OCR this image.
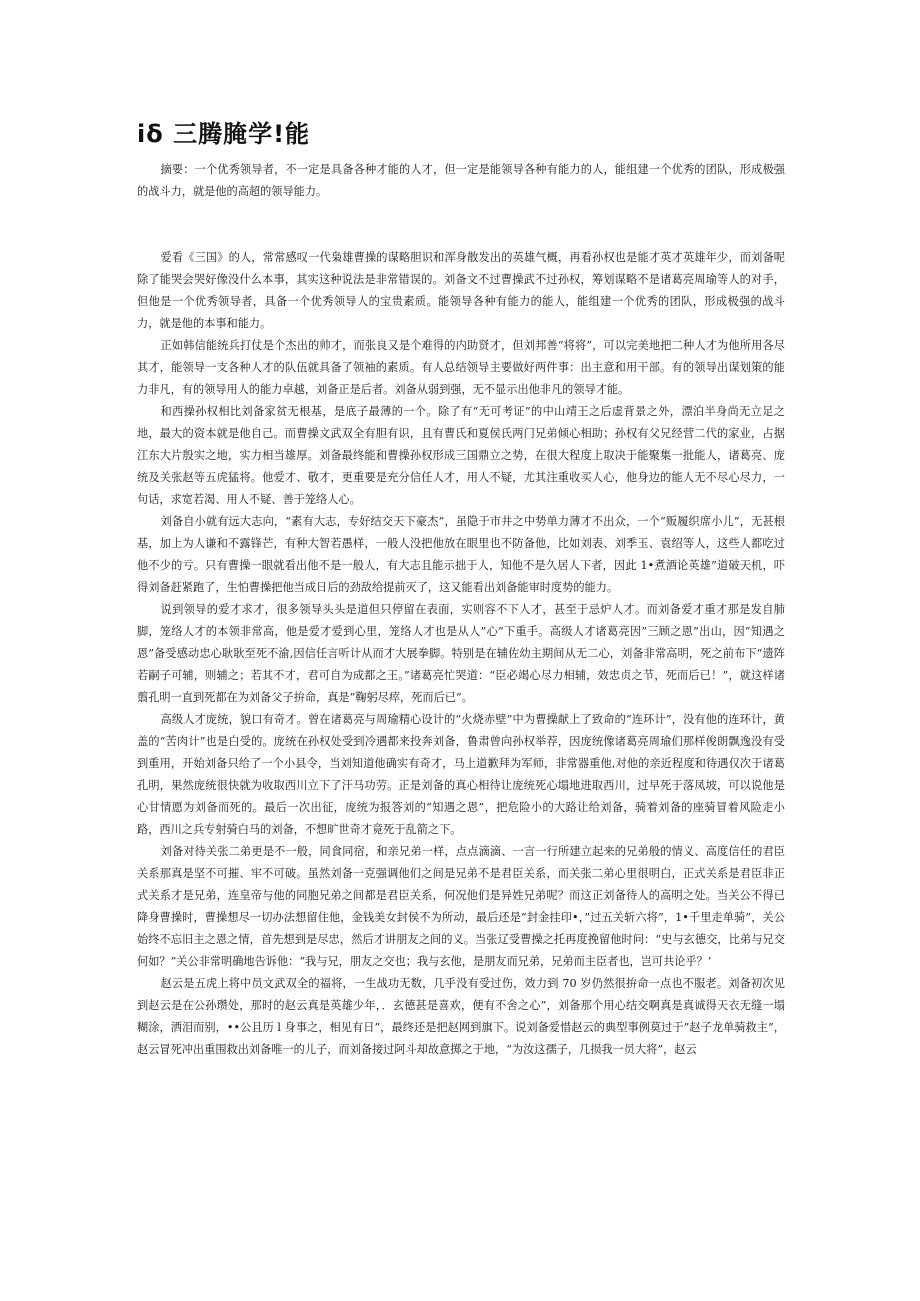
iδ 三腾腌学!能

摘要：一个优秀领导者，不一定是具备各种才能的人才，但一定是能领导各种有能力的人，能组建一个优秀的团队，形成极强的战斗力，就是他的高超的领导能力。

爱看《三国》的人，常常感叹一代枭雄曹操的谋略胆识和浑身散发出的英雄气概，再看孙权也是能才英才英雄年少，而刘备呢除了能哭会哭好像没什么本事，其实这种说法是非常错误的。刘备文不过曹操武不过孙权，筹划谋略不是诸葛亮周瑜等人的对手，但他是一个优秀领导者，具备一个优秀领导人的宝贵素质。能领导各种有能力的能人，能组建一个优秀的团队，形成极强的战斗力，就是他的本事和能力。

正如韩信能统兵打仗是个杰出的帅才，而张良又是个难得的内助贤才，但刘邦善“将将”，可以完美地把二种人才为他所用各尽其才，能领导一支各种人才的队伍就具备了领袖的素质。有人总结领导主要做好两件事：出主意和用干部。有的领导出谋划策的能力非凡，有的领导用人的能力卓越，刘备正是后者。刘备从弱到强，无不显示出他非凡的领导才能。

和西操孙权相比刘备家贫无根基，是底子最薄的一个。除了有“无可考证”的中山靖王之后虚背景之外，漂泊半身尚无立足之地，最大的资本就是他自己。而曹操文武双全有胆有识，且有曹氏和夏侯氏两门兄弟倾心相助；孙权有父兄经营二代的家业，占据江东大片殷实之地，实力相当雄厚。刘备最终能和曹操孙权形成三国鼎立之势，在很大程度上取决于能聚集一批能人，诸葛亮、庞统及关张赵等五虎猛将。他爱才、敬才，更重要是充分信任人才，用人不疑，尤其注重收买人心，他身边的能人无不尽心尽力，一句话，求宽若渴、用人不疑、善于笼络人心。

刘备自小就有远大志向，“素有大志，专好结交天下豪杰”，虽隐于市井之中势单力薄才不出众，一个“贩履织席小儿”，无甚根基，加上为人谦和不露锋芒，有种大智若愚样，一般人没把他放在眼里也不防备他，比如刘表、刘季玉、袁绍等人，这些人都吃过他不少的亏。只有曹操一眼就看出他不是一般人，有大志且能示拙于人，知他不是久居人下者，因此 1•煮酒论英雄”道破天机，吓得刘备赶紧跑了，生怕曹操把他当成日后的劲敌给提前灭了，这又能看出刘备能审时度势的能力。

说到领导的爱才求才，很多领导头头是道但只停留在表面，实则容不下人才，甚至于忌炉人才。而刘备爱才重才那是发自肺脚，笼络人才的本领非常高，他是爱才爱到心里，笼络人才也是从人”心”下重手。高级人才诸葛亮因”三顾之恩”出山，因”知遇之恩”备受感动忠心耿耿至死不渝,因信任言听计从而才大展拳脚。特别是在辅佐幼主期间从无二心，刘备非常高明，死之前布下“遗阵若嗣子可辅，则辅之；若其不才，君可自为成都之王。”诸葛亮忙哭道：“臣必竭心尽力相辅，效忠贞之节，死而后已！”，就这样诸翦孔明一直到死都在为刘备父子拚命，真是”鞠躬尽瘁，死而后已”。

高级人才庞统，貌口有奇才。曾在诸葛亮与周瑜精心设计的“火烧赤壁”中为曹操献上了致命的“连环计”，没有他的连环计，黄盖的“苦肉计”也是白受的。庞统在孙权处受到冷遇都来投奔刘备，鲁肃曾向孙权举荐，因庞统像诸葛亮周瑜们那样俊朗飘逸没有受到重用，开始刘备只给了一个小县令，当刘知道他确实有奇才，马上道歉拜为军师，非常器重他,对他的亲近程度和待遇仅次于诸葛孔明，果然庞统很快就为收取西川立下了汗马功劳。正是刘备的真心相待让庞统死心塌地进取西川，过早死于落凤坡，可以说他是心甘情愿为刘备而死的。最后一次出征，庞统为报答刘的“知遇之恩”，把危险小的大路让给刘备，骑着刘备的座骑冒着风险走小路，西川之兵专射骑白马的刘备，不想旷世奇才竟死于乱箭之下。

刘备对待关张二弟更是不一般，同食同宿，和亲兄弟一样，点点滴滴、一言一行所建立起来的兄弟般的情义、高度信任的君臣关系那真是坚不可摧、牢不可破。虽然刘备一克强调他们之间是兄弟不是君臣关系，而关张二弟心里很明白，正式关系是君臣非正式关系才是兄弟，连皇帝与他的同胞兄弟之间都是君臣关系，何况他们是异姓兄弟呢？而这正刘备待人的高明之处。当关公不得已降身曹操时，曹操想尽一切办法想留住他，金钱美女封侯不为所动，最后还是“封金挂印•，”过五关斩六将”，1•千里走单骑”，关公始终不忘旧主之恩之情，首先想到是尽忠，然后才讲朋友之间的义。当张辽受曹操之托再度挽留他时问：“史与玄德交，比弟与兄交何如？”关公非常明确地告诉他：“我与兄，朋友之交也；我与玄他，是朋友而兄弟，兄弟而主臣者也，岂可共论乎？’

赵云是五虎上将中员文武双全的福将，一生战功无数，几乎没有受过伤，效力到 70 岁仍然很拚命一点也不服老。刘备初次见到赵云是在公孙瓒处，那时的赵云真是英雄少年，．玄德甚是喜欢，便有不舍之心”，刘备那个用心结交啊真是真诚得天衣无缝一塌糊涂，洒泪而别，••公且历 l 身事之，相见有日”，最终还是把赵网到旗下。说刘备爱惜赵云的典型事例莫过于”赵子龙单骑救主”，赵云冒死冲出重围救出刘备唯一的儿子，而刘备接过阿斗却故意掷之于地，“为汝这孺子，几损我一员大将”，赵云
